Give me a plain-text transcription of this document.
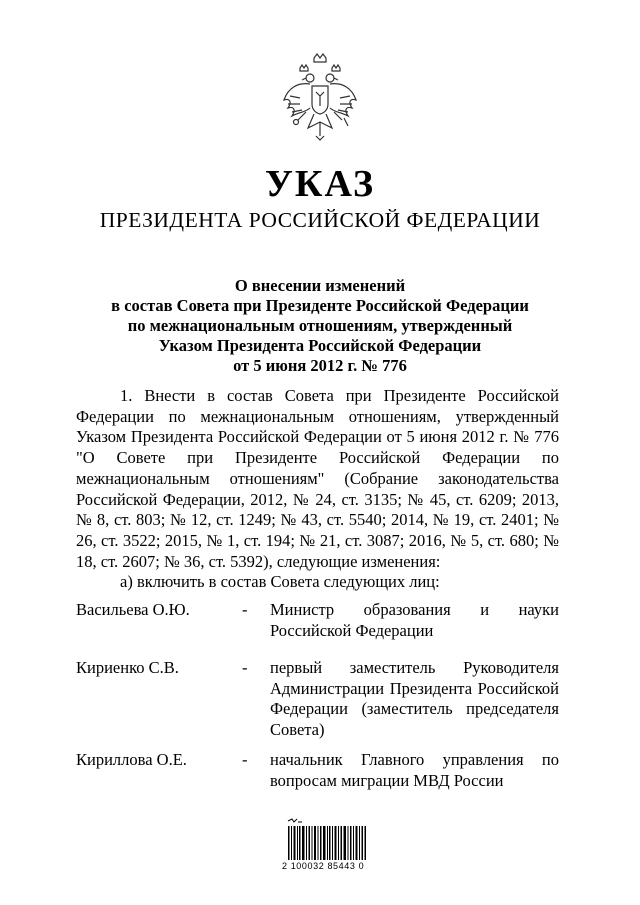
УКАЗ
ПРЕЗИДЕНТА РОССИЙСКОЙ ФЕДЕРАЦИИ
О внесении изменений
в состав Совета при Президенте Российской Федерации
по межнациональным отношениям, утвержденный
Указом Президента Российской Федерации
от 5 июня 2012 г. № 776

1. Внести в состав Совета при Президенте Российской Федерации по межнациональным отношениям, утвержденный Указом Президента Российской Федерации от 5 июня 2012 г. № 776 "О Совете при Президенте Российской Федерации по межнациональным отношениям" (Собрание законодательства Российской Федерации, 2012, № 24, ст. 3135; № 45, ст. 6209; 2013, № 8, ст. 803; № 12, ст. 1249; № 43, ст. 5540; 2014, № 19, ст. 2401; № 26, ст. 3522; 2015, № 1, ст. 194; № 21, ст. 3087; 2016, № 5, ст. 680; № 18, ст. 2607; № 36, ст. 5392), следующие изменения:

а) включить в состав Совета следующих лиц:

Васильева О.Ю.	- Министр образования и науки Российской Федерации
Кириенко С.В.	- первый заместитель Руководителя Администрации Президента Российской Федерации (заместитель председателя Совета)
Кириллова О.Е.	- начальник Главного управления по вопросам миграции МВД России
2 100032 85443 0
